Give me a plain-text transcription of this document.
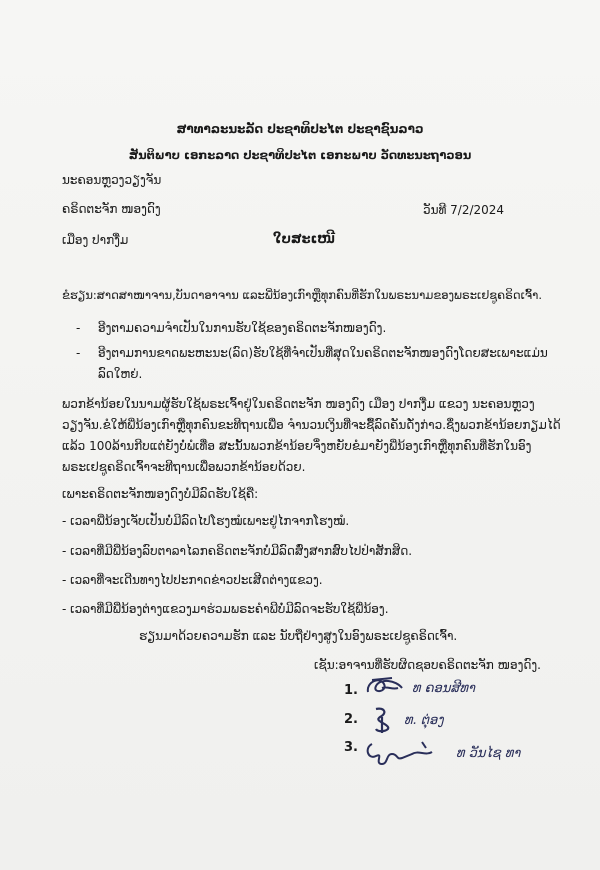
ສາທາລະນະລັດ ປະຊາທິປະໄຕ ປະຊາຊົນລາວ
ສັນຕິພາບ ເອກະລາດ ປະຊາທິປະໄຕ ເອກະພາບ ວັດທະນະຖາວອນ
ນະຄອນຫຼວງວຽງຈັນ
ຄຣິດຕະຈັກ ໜອງດົງ	ວັນທີ 7/2/2024
ເມືອງ ປາກງື່ມ	ໃບສະເໜີ
ຂໍຮຽນ:ສາດສາໜາຈານ,ບັນດາອາຈານ ແລະພີ່ນ້ອງເກົາຫຼືທຸກຄົນທີ່ຮັກໃນພຣະນາມຂອງພຣະເຢຊູຄຣິດເຈົ້າ.
- ອີງຕາມຄວາມຈຳເປັນໃນການຮັບໃຊ້ຂອງຄຣິດຕະຈັກໜອງດົງ.
- ອີງຕາມການຂາດພະຫະນະ(ລົດ)ຮັບໃຊ້ທີ່ຈຳເປັນທີ່ສຸດໃນຄຣິດຕະຈັກໜອງດົງໂດຍສະເພາະແມ່ນລົດໃຫຍ່.
ພວກຂ້ານ້ອຍໃນນາມຜູ້ຮັບໃຊ້ພຣະເຈົ້າຢູ່ໃນຄຣິດຕະຈັກ ໜອງດົງ ເມືອງ ປາກງື່ມ ແຂວງ ນະຄອນຫຼວງວຽງຈັນ.ຂໍໃຫ້ພີ່ນ້ອງເກົາຫຼືທຸກຄົນຂະທີຖານເພື່ອ ຈຳນວນເງິນທີ່ຈະຊື້ລົດຄັນດັ່ງກ່າວ.ຊຶ່ງພວກຂ້ານ້ອຍກຽມໄດ້ແລ້ວ 100ລ້ານກີບແຕ່ຍັງບໍ່ພໍເທື່ອ ສະນັ້ນພວກຂ້ານ້ອຍຈຶ່ງຫຍັບຂໍມາຍັງພີ່ນ້ອງເກົາຫຼືທຸກຄົນທີ່ຮັກໃນອົງພຣະເຢຊູຄຣິດເຈົ້າຈະທີຖານເພື່ອພວກຂ້ານ້ອຍດ້ວຍ.
ເພາະຄຣິດຕະຈັກໜອງດົງບໍ່ມີລົດຮັບໃຊ້ຄື:
- ເວລາພີ່ນ້ອງເຈັບເປັນບໍ່ມີລົດໄປໂຮງໝໍເພາະຢູ່ໄກຈາກໂຮງໝໍ.
- ເວລາທີ່ມີພີ່ນ້ອງລົບຕາລາໄລກຄຣິດຕະຈັກບໍ່ມີລົດສົ່ງສາກສົບໄປປ່າສັກສິດ.
- ເວລາທີ່ຈະເດີນທາງໄປປະກາດຂ່າວປະເສີດຕ່າງແຂວງ.
- ເວລາທີ່ມີພີ່ນ້ອງຕ່າງແຂວງມາຮ່ວມພຣະຄຳພີບໍ່ມີລົດຈະຮັບໃຊ້ພີ່ນ້ອງ.
ຮຽນມາດ້ວຍຄວາມຮັກ ແລະ ນັບຖືຢ່າງສູງໃນອົງພຣະເຢຊູຄຣິດເຈົ້າ.
ເຊັນ:ອາຈານທີ່ຮັບຜິດຊອບຄຣິດຕະຈັກ ໜອງດົງ.
1.	ທ ຄອນສີທາ
2.	ທ. ຕຸ່ອງ
3.	ທ ວັນໄຊ ທາ
